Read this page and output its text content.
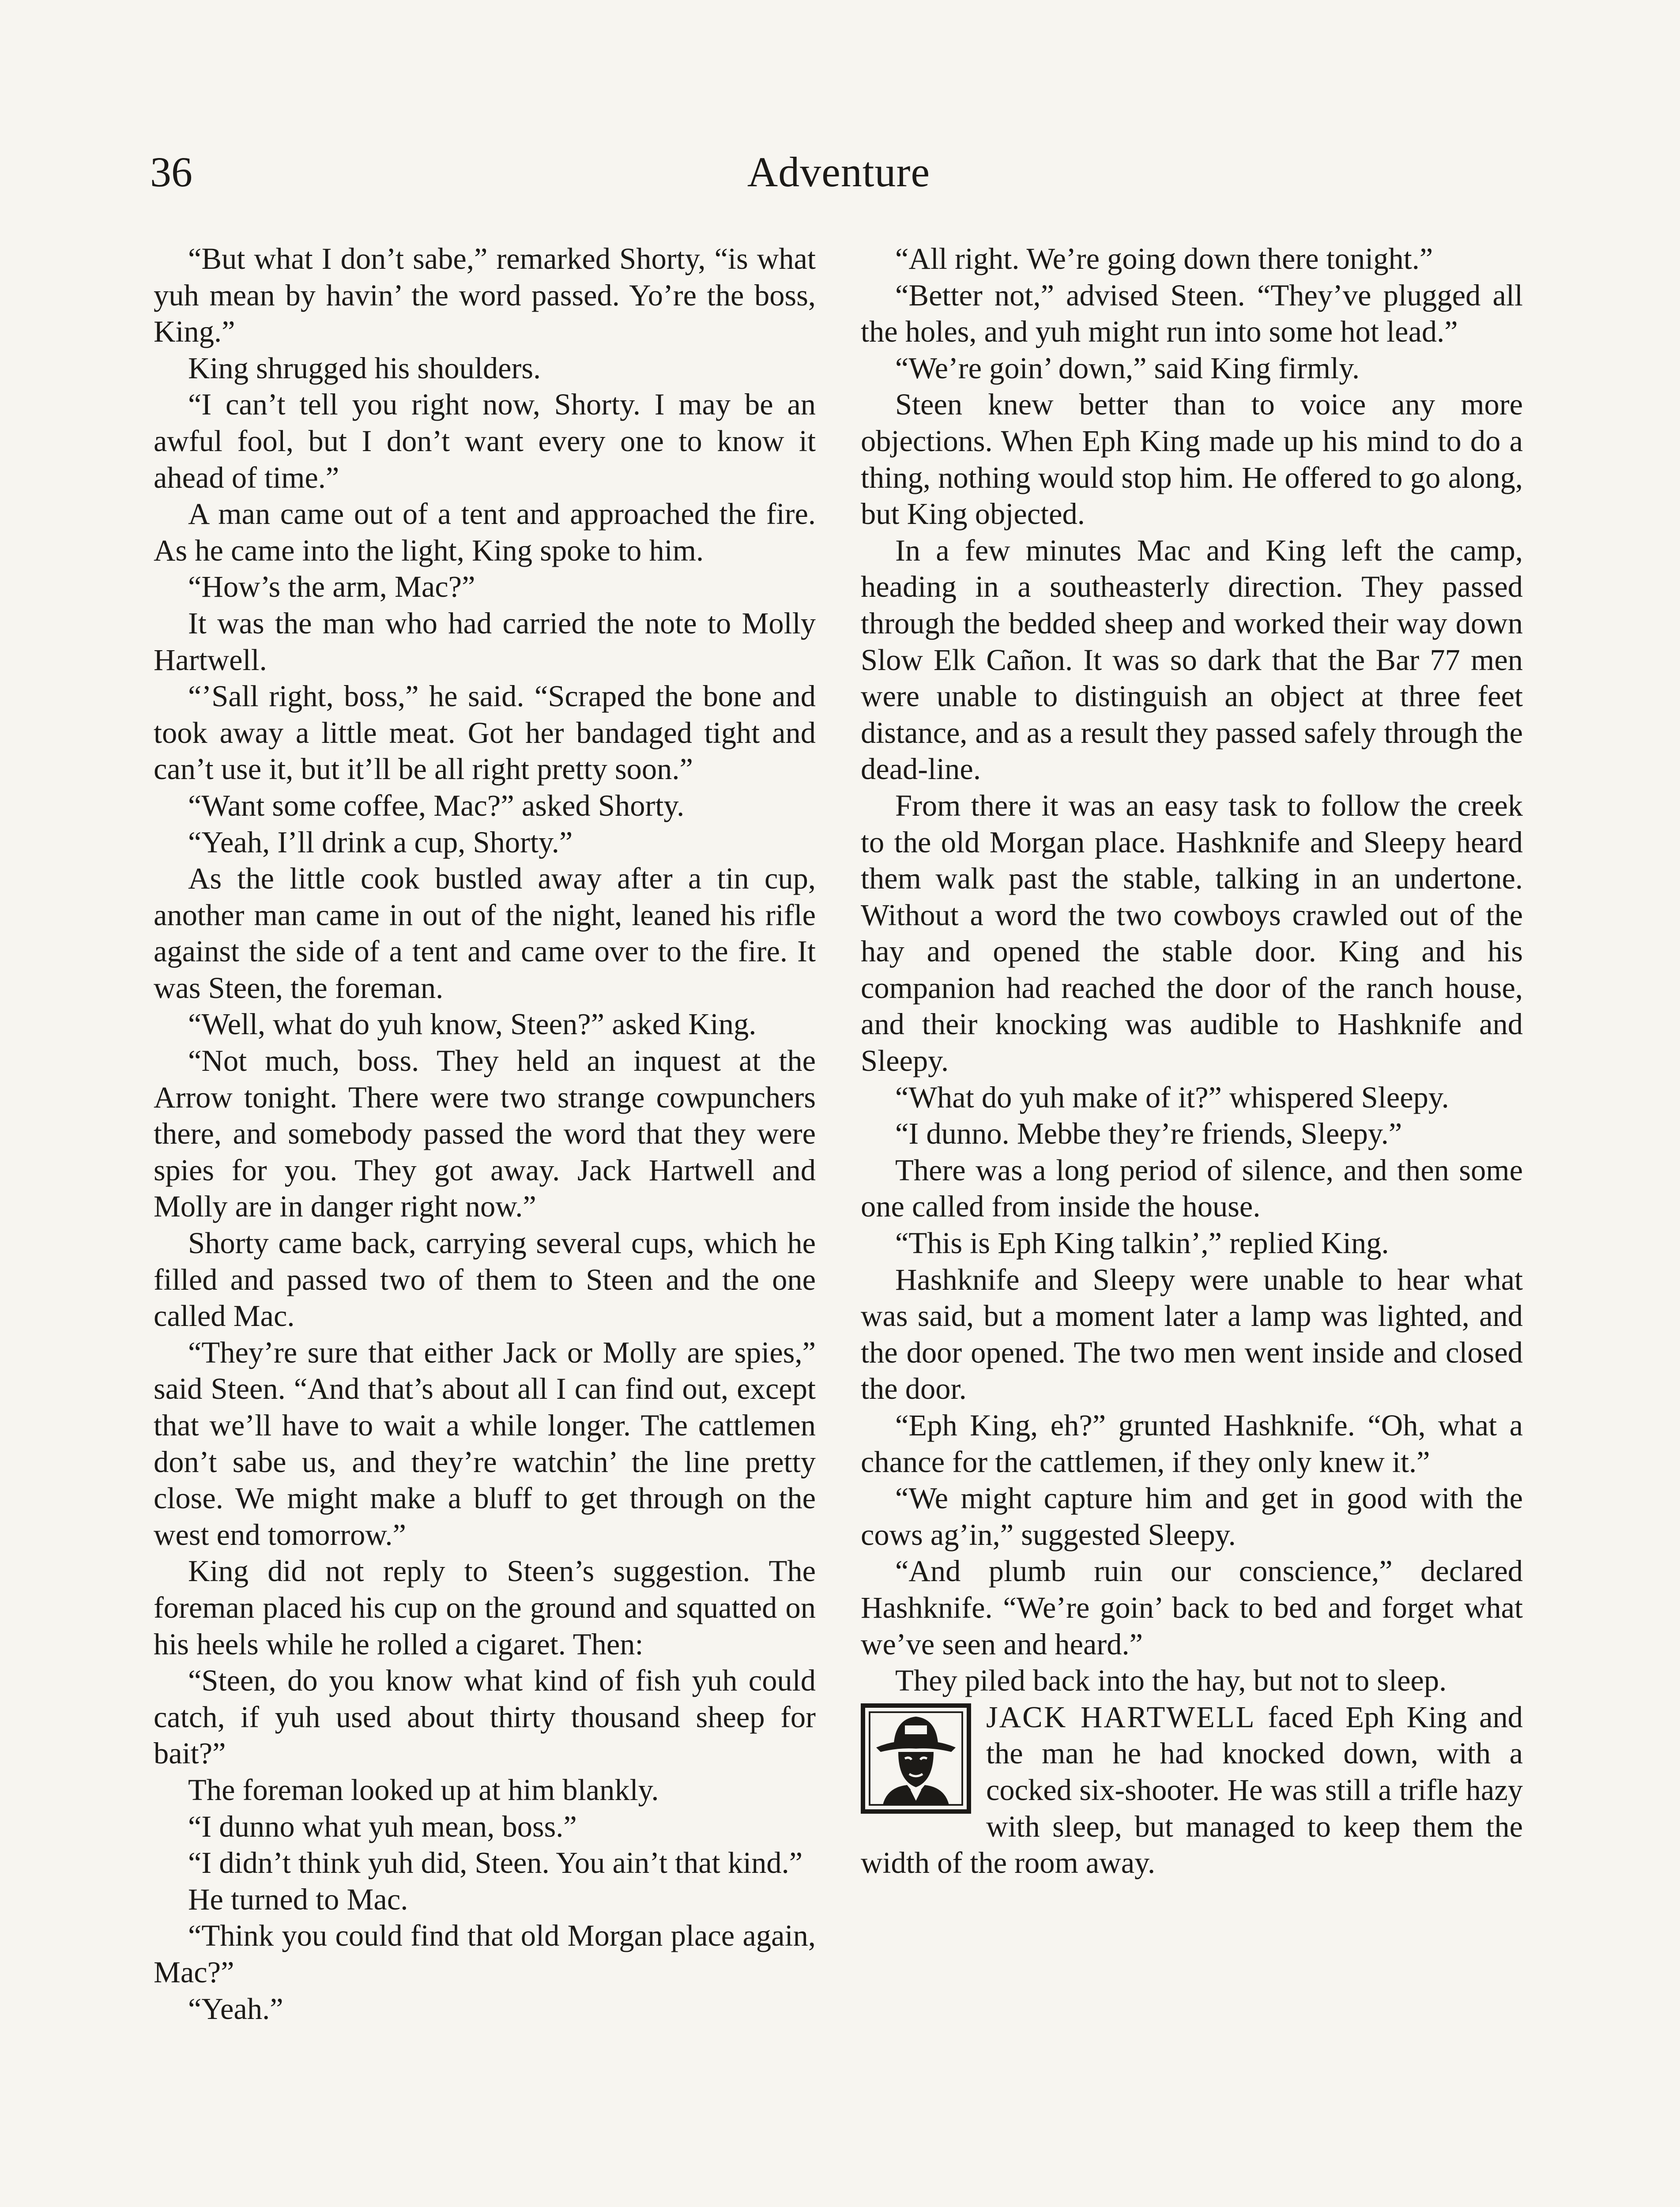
36	Adventure

“But what I don’t sabe,” remarked Shorty, “is what yuh mean by havin’ the word passed. Yo’re the boss, King.”

King shrugged his shoulders.

“I can’t tell you right now, Shorty. I may be an awful fool, but I don’t want every one to know it ahead of time.”

A man came out of a tent and approached the fire. As he came into the light, King spoke to him.

“How’s the arm, Mac?”

It was the man who had carried the note to Molly Hartwell.

“’Sall right, boss,” he said. “Scraped the bone and took away a little meat. Got her bandaged tight and can’t use it, but it’ll be all right pretty soon.”

“Want some coffee, Mac?” asked Shorty.

“Yeah, I’ll drink a cup, Shorty.”

As the little cook bustled away after a tin cup, another man came in out of the night, leaned his rifle against the side of a tent and came over to the fire. It was Steen, the foreman.

“Well, what do yuh know, Steen?” asked King.

“Not much, boss. They held an inquest at the Arrow tonight. There were two strange cowpunchers there, and somebody passed the word that they were spies for you. They got away. Jack Hartwell and Molly are in danger right now.”

Shorty came back, carrying several cups, which he filled and passed two of them to Steen and the one called Mac.

“They’re sure that either Jack or Molly are spies,” said Steen. “And that’s about all I can find out, except that we’ll have to wait a while longer. The cattlemen don’t sabe us, and they’re watchin’ the line pretty close. We might make a bluff to get through on the west end tomorrow.”

King did not reply to Steen’s suggestion. The foreman placed his cup on the ground and squatted on his heels while he rolled a cigaret. Then:

“Steen, do you know what kind of fish yuh could catch, if yuh used about thirty thousand sheep for bait?”

The foreman looked up at him blankly.

“I dunno what yuh mean, boss.”

“I didn’t think yuh did, Steen. You ain’t that kind.”

He turned to Mac.

“Think you could find that old Morgan place again, Mac?”

“Yeah.”

“All right. We’re going down there tonight.”

“Better not,” advised Steen. “They’ve plugged all the holes, and yuh might run into some hot lead.”

“We’re goin’ down,” said King firmly.

Steen knew better than to voice any more objections. When Eph King made up his mind to do a thing, nothing would stop him. He offered to go along, but King objected.

In a few minutes Mac and King left the camp, heading in a southeasterly direction. They passed through the bedded sheep and worked their way down Slow Elk Cañon. It was so dark that the Bar 77 men were unable to distinguish an object at three feet distance, and as a result they passed safely through the dead-line.

From there it was an easy task to follow the creek to the old Morgan place. Hashknife and Sleepy heard them walk past the stable, talking in an undertone. Without a word the two cowboys crawled out of the hay and opened the stable door. King and his companion had reached the door of the ranch house, and their knocking was audible to Hashknife and Sleepy.

“What do yuh make of it?” whispered Sleepy.

“I dunno. Mebbe they’re friends, Sleepy.”

There was a long period of silence, and then some one called from inside the house.

“This is Eph King talkin’,” replied King.

Hashknife and Sleepy were unable to hear what was said, but a moment later a lamp was lighted, and the door opened. The two men went inside and closed the door.

“Eph King, eh?” grunted Hashknife. “Oh, what a chance for the cattlemen, if they only knew it.”

“We might capture him and get in good with the cows ag’in,” suggested Sleepy.

“And plumb ruin our conscience,” declared Hashknife. “We’re goin’ back to bed and forget what we’ve seen and heard.”

They piled back into the hay, but not to sleep.

JACK HARTWELL faced Eph King and the man he had knocked down, with a cocked six-shooter. He was still a trifle hazy with sleep, but managed to keep them the width of the room away.
